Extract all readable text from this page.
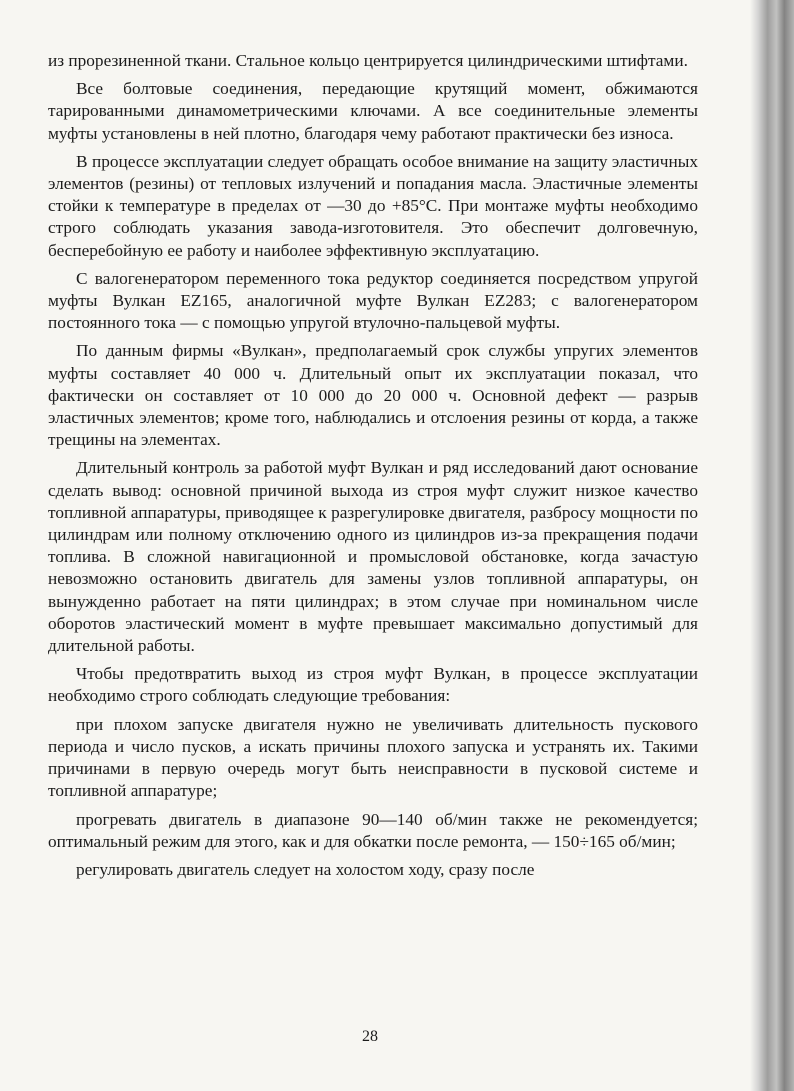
из прорезиненной ткани. Стальное кольцо центрируется цилиндрическими штифтами.

Все болтовые соединения, передающие крутящий момент, обжимаются тарированными динамометрическими ключами. А все соединительные элементы муфты установлены в ней плотно, благодаря чему работают практически без износа.

В процессе эксплуатации следует обращать особое внимание на защиту эластичных элементов (резины) от тепловых излучений и попадания масла. Эластичные элементы стойки к температуре в пределах от —30 до +85°С. При монтаже муфты необходимо строго соблюдать указания завода-изготовителя. Это обеспечит долговечную, бесперебойную ее работу и наиболее эффективную эксплуатацию.

С валогенератором переменного тока редуктор соединяется посредством упругой муфты Вулкан EZ165, аналогичной муфте Вулкан EZ283; с валогенератором постоянного тока — с помощью упругой втулочно-пальцевой муфты.

По данным фирмы «Вулкан», предполагаемый срок службы упругих элементов муфты составляет 40 000 ч. Длительный опыт их эксплуатации показал, что фактически он составляет от 10 000 до 20 000 ч. Основной дефект — разрыв эластичных элементов; кроме того, наблюдались и отслоения резины от корда, а также трещины на элементах.

Длительный контроль за работой муфт Вулкан и ряд исследований дают основание сделать вывод: основной причиной выхода из строя муфт служит низкое качество топливной аппаратуры, приводящее к разрегулировке двигателя, разбросу мощности по цилиндрам или полному отключению одного из цилиндров из-за прекращения подачи топлива. В сложной навигационной и промысловой обстановке, когда зачастую невозможно остановить двигатель для замены узлов топливной аппаратуры, он вынужденно работает на пяти цилиндрах; в этом случае при номинальном числе оборотов эластический момент в муфте превышает максимально допустимый для длительной работы.

Чтобы предотвратить выход из строя муфт Вулкан, в процессе эксплуатации необходимо строго соблюдать следующие требования:

при плохом запуске двигателя нужно не увеличивать длительность пускового периода и число пусков, а искать причины плохого запуска и устранять их. Такими причинами в первую очередь могут быть неисправности в пусковой системе и топливной аппаратуре;

прогревать двигатель в диапазоне 90—140 об/мин также не рекомендуется; оптимальный режим для этого, как и для обкатки после ремонта, — 150÷165 об/мин;

регулировать двигатель следует на холостом ходу, сразу после

28
